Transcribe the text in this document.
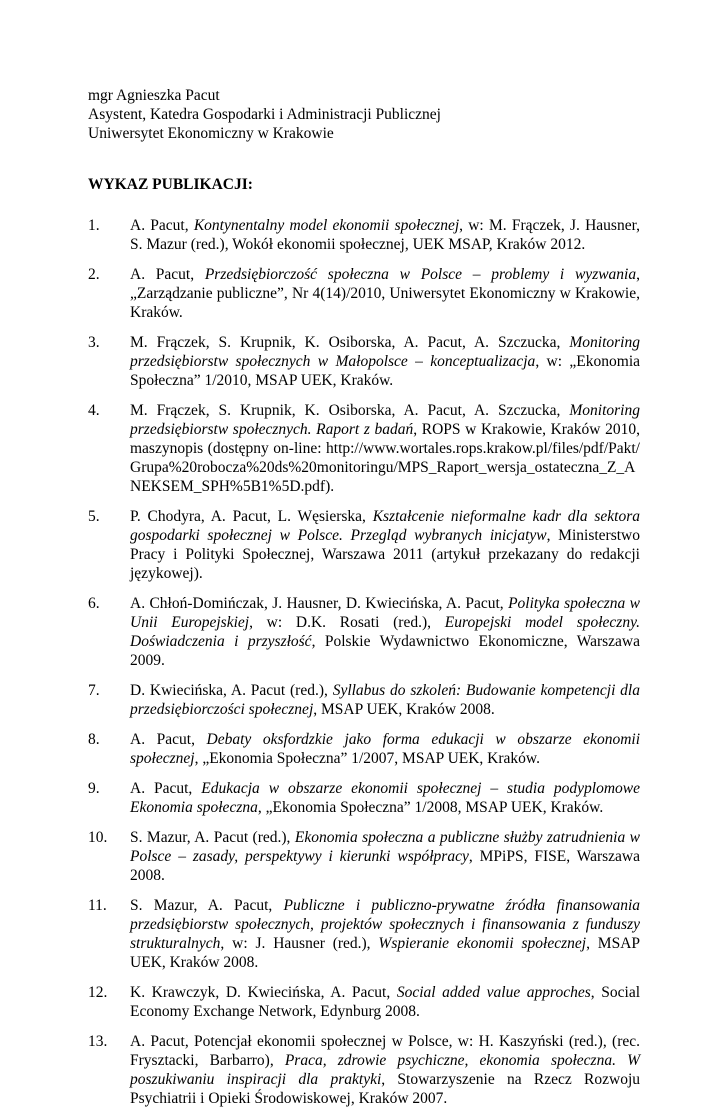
mgr Agnieszka Pacut
Asystent, Katedra Gospodarki i Administracji Publicznej
Uniwersytet Ekonomiczny w Krakowie
WYKAZ PUBLIKACJI:
1.	A. Pacut, Kontynentalny model ekonomii społecznej, w: M. Frączek, J. Hausner, S. Mazur (red.), Wokół ekonomii społecznej, UEK MSAP, Kraków 2012.
2.	A. Pacut, Przedsiębiorczość społeczna w Polsce – problemy i wyzwania, „Zarządzanie publiczne”, Nr 4(14)/2010, Uniwersytet Ekonomiczny w Krakowie, Kraków.
3.	M. Frączek, S. Krupnik, K. Osiborska, A. Pacut, A. Szczucka, Monitoring przedsiębiorstw społecznych w Małopolsce – konceptualizacja, w: „Ekonomia Społeczna” 1/2010, MSAP UEK, Kraków.
4.	M. Frączek, S. Krupnik, K. Osiborska, A. Pacut, A. Szczucka, Monitoring przedsiębiorstw społecznych. Raport z badań, ROPS w Krakowie, Kraków 2010, maszynopis (dostępny on-line: http://www.wortales.rops.krakow.pl/files/pdf/Pakt/Grupa%20robocza%20ds%20monitoringu/MPS_Raport_wersja_ostateczna_Z_ANEKSEM_SPH%5B1%5D.pdf).
5.	P. Chodyra, A. Pacut, L. Węsierska, Kształcenie nieformalne kadr dla sektora gospodarki społecznej w Polsce. Przegląd wybranych inicjatyw, Ministerstwo Pracy i Polityki Społecznej, Warszawa 2011 (artykuł przekazany do redakcji językowej).
6.	A. Chłoń-Domińczak, J. Hausner, D. Kwiecińska, A. Pacut, Polityka społeczna w Unii Europejskiej, w: D.K. Rosati (red.), Europejski model społeczny. Doświadczenia i przyszłość, Polskie Wydawnictwo Ekonomiczne, Warszawa 2009.
7.	D. Kwiecińska, A. Pacut (red.), Syllabus do szkoleń: Budowanie kompetencji dla przedsiębiorczości społecznej, MSAP UEK, Kraków 2008.
8.	A. Pacut, Debaty oksfordzkie jako forma edukacji w obszarze ekonomii społecznej, „Ekonomia Społeczna” 1/2007, MSAP UEK, Kraków.
9.	A. Pacut, Edukacja w obszarze ekonomii społecznej – studia podyplomowe Ekonomia społeczna, „Ekonomia Społeczna” 1/2008, MSAP UEK, Kraków.
10.	S. Mazur, A. Pacut (red.), Ekonomia społeczna a publiczne służby zatrudnienia w Polsce – zasady, perspektywy i kierunki współpracy, MPiPS, FISE, Warszawa 2008.
11.	S. Mazur, A. Pacut, Publiczne i publiczno-prywatne źródła finansowania przedsiębiorstw społecznych, projektów społecznych i finansowania z funduszy strukturalnych, w: J. Hausner (red.), Wspieranie ekonomii społecznej, MSAP UEK, Kraków 2008.
12.	K. Krawczyk, D. Kwiecińska, A. Pacut, Social added value approches, Social Economy Exchange Network, Edynburg 2008.
13.	A. Pacut, Potencjał ekonomii społecznej w Polsce, w: H. Kaszyński (red.), (rec. Frysztacki, Barbarro), Praca, zdrowie psychiczne, ekonomia społeczna. W poszukiwaniu inspiracji dla praktyki, Stowarzyszenie na Rzecz Rozwoju Psychiatrii i Opieki Środowiskowej, Kraków 2007.
